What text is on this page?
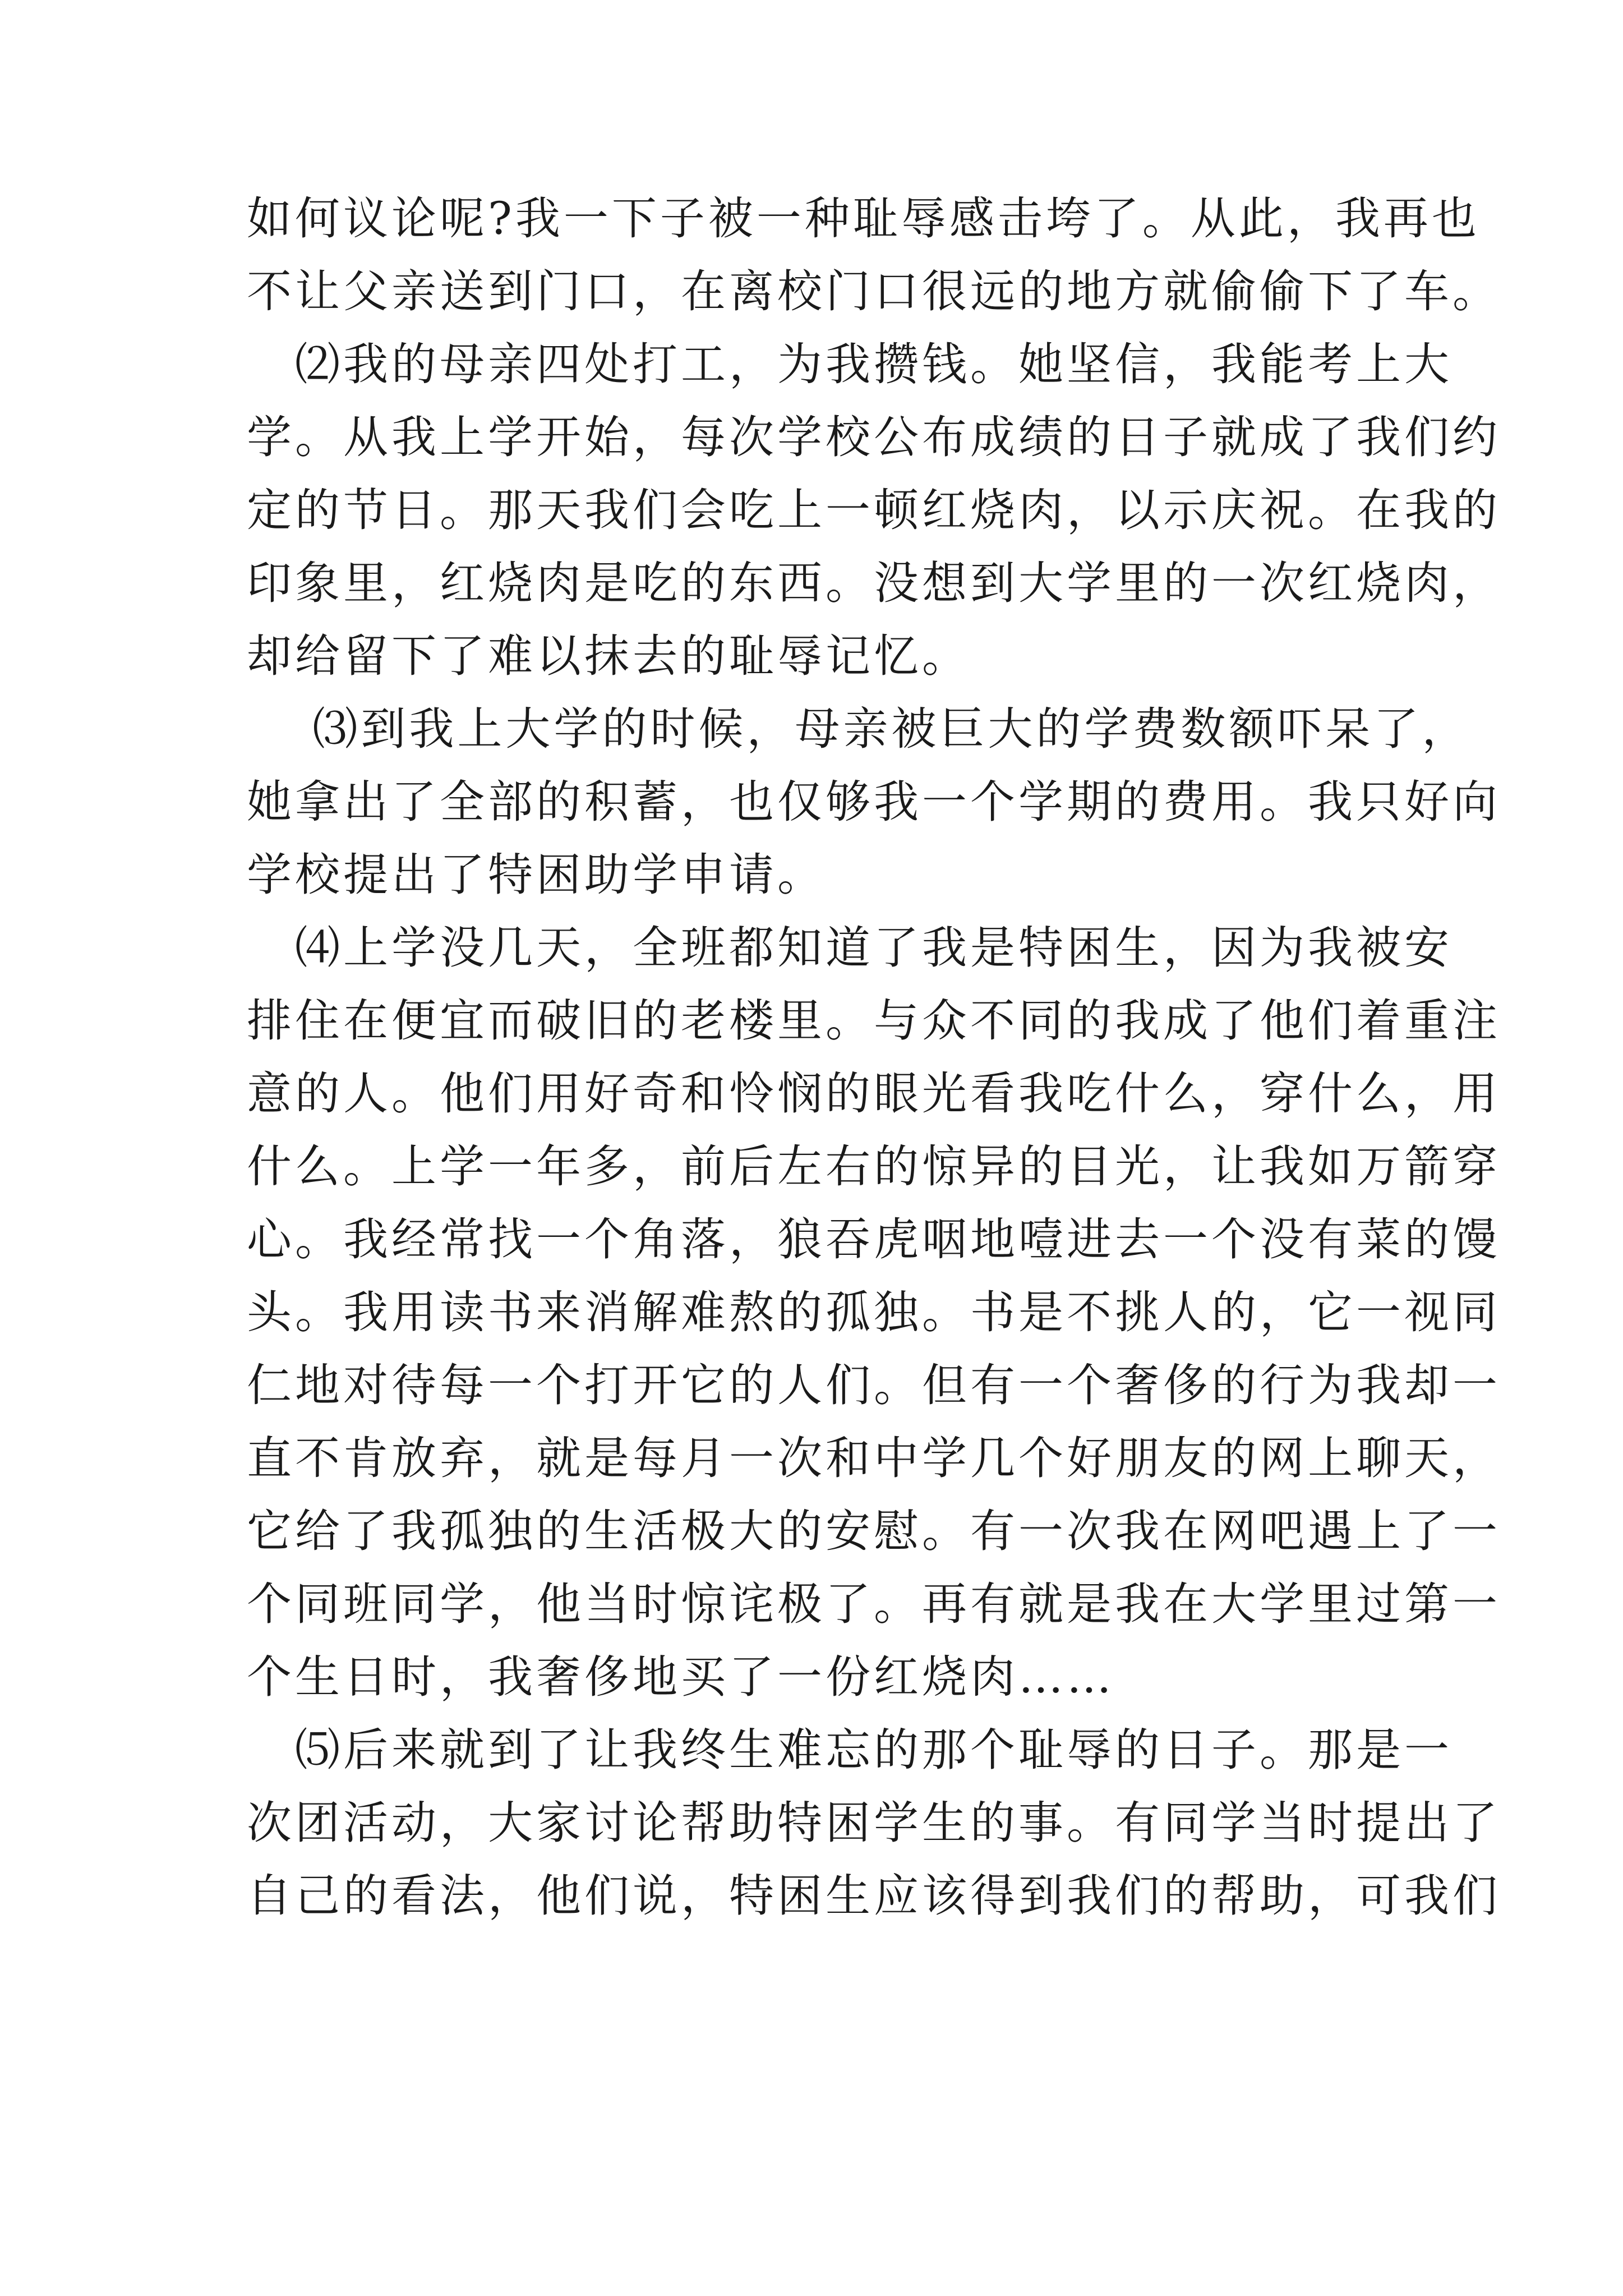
如何议论呢?我一下子被一种耻辱感击垮了。从此，我再也
不让父亲送到门口，在离校门口很远的地方就偷偷下了车。
　⑵我的母亲四处打工，为我攒钱。她坚信，我能考上大
学。从我上学开始，每次学校公布成绩的日子就成了我们约
定的节日。那天我们会吃上一顿红烧肉，以示庆祝。在我的
印象里，红烧肉是吃的东西。没想到大学里的一次红烧肉，
却给留下了难以抹去的耻辱记忆。
　 ⑶到我上大学的时候，母亲被巨大的学费数额吓呆了，
她拿出了全部的积蓄，也仅够我一个学期的费用。我只好向
学校提出了特困助学申请。
　⑷上学没几天，全班都知道了我是特困生，因为我被安
排住在便宜而破旧的老楼里。与众不同的我成了他们着重注
意的人。他们用好奇和怜悯的眼光看我吃什么，穿什么，用
什么。上学一年多，前后左右的惊异的目光，让我如万箭穿
心。我经常找一个角落，狼吞虎咽地噎进去一个没有菜的馒
头。我用读书来消解难熬的孤独。书是不挑人的，它一视同
仁地对待每一个打开它的人们。但有一个奢侈的行为我却一
直不肯放弃，就是每月一次和中学几个好朋友的网上聊天，
它给了我孤独的生活极大的安慰。有一次我在网吧遇上了一
个同班同学，他当时惊诧极了。再有就是我在大学里过第一
个生日时，我奢侈地买了一份红烧肉……
　⑸后来就到了让我终生难忘的那个耻辱的日子。那是一
次团活动，大家讨论帮助特困学生的事。有同学当时提出了
自己的看法，他们说，特困生应该得到我们的帮助，可我们
